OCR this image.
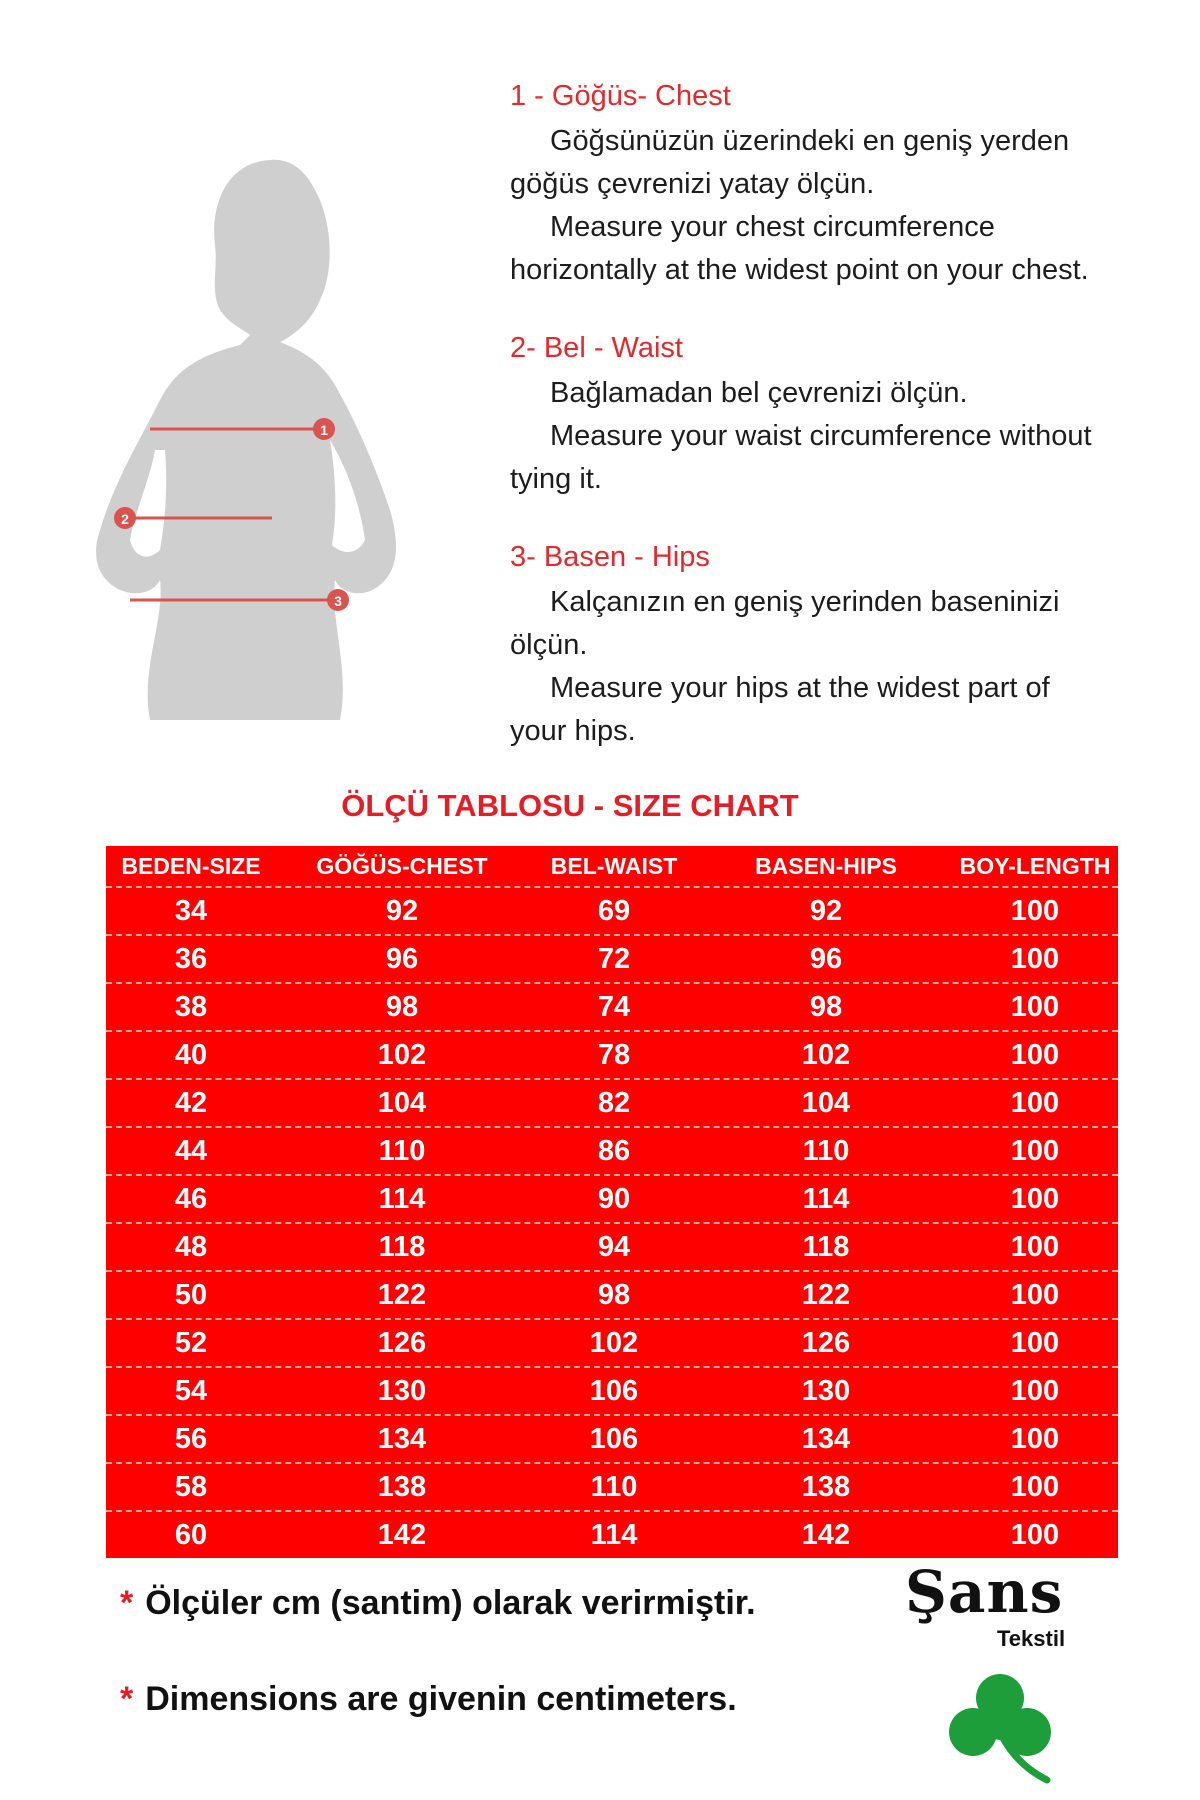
1
2
3
1 - Göğüs- Chest

Göğsünüzün üzerindeki en geniş yerden

göğüs çevrenizi yatay ölçün.

Measure your chest circumference

horizontally at the widest point on your chest.

2- Bel - Waist

Bağlamadan bel çevrenizi ölçün.

Measure your waist circumference without

tying it.

3- Basen - Hips

Kalçanızın en geniş yerinden baseninizi

ölçün.

Measure your hips at the widest part of

your hips.

ÖLÇÜ TABLOSU - SIZE CHART
BEDEN-SIZE	GÖĞÜS-CHEST	BEL-WAIST	BASEN-HIPS	BOY-LENGTH
34	92	69	92	100
36	96	72	96	100
38	98	74	98	100
40	102	78	102	100
42	104	82	104	100
44	110	86	110	100
46	114	90	114	100
48	118	94	118	100
50	122	98	122	100
52	126	102	126	100
54	130	106	130	100
56	134	106	134	100
58	138	110	138	100
60	142	114	142	100

* Ölçüler cm (santim) olarak verirmiştir.

* Dimensions are givenin centimeters.

Şans
Tekstil
